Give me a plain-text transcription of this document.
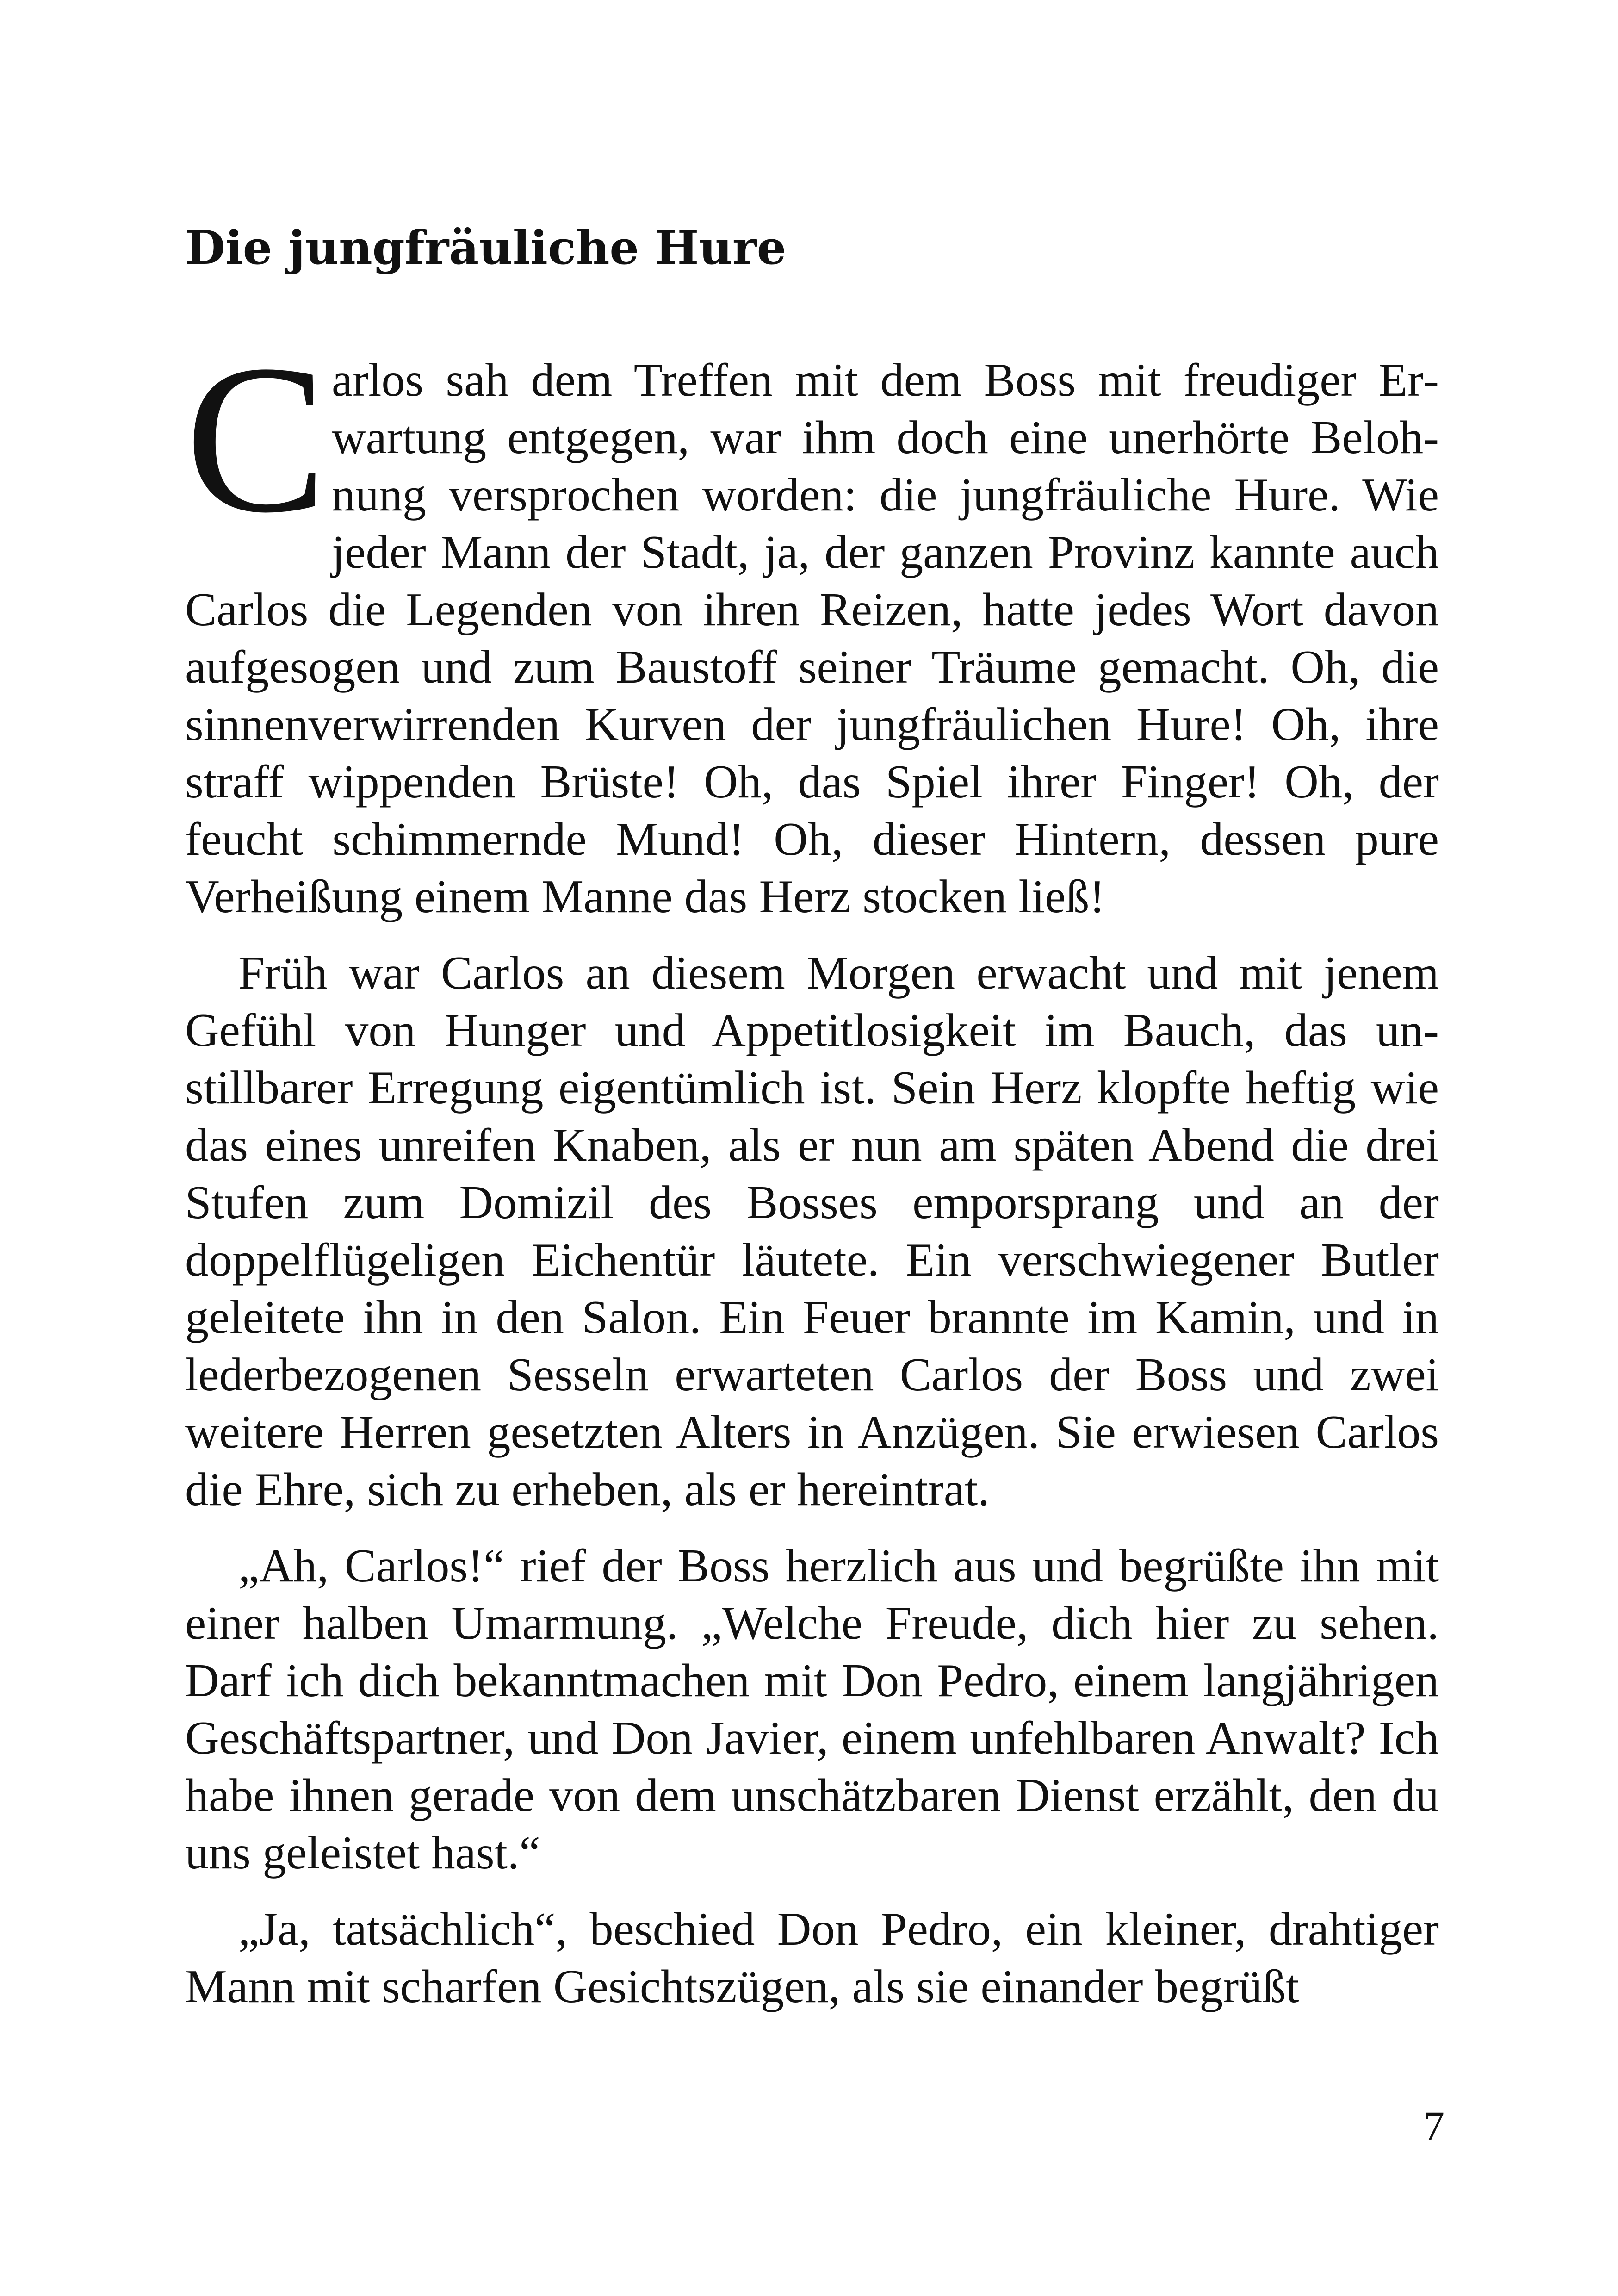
Die jungfräuliche Hure

Carlos sah dem Treffen mit dem Boss mit freudiger Erwartung entgegen, war ihm doch eine unerhörte Belohnung versprochen worden: die jungfräuliche Hure. Wie jeder Mann der Stadt, ja, der ganzen Provinz kannte auch Carlos die Legenden von ihren Reizen, hatte jedes Wort davon aufgesogen und zum Baustoff seiner Träume gemacht. Oh, die sinnenverwirrenden Kurven der jungfräulichen Hure! Oh, ihre straff wippenden Brüste! Oh, das Spiel ihrer Finger! Oh, der feucht schimmernde Mund! Oh, dieser Hintern, dessen pure Verheißung einem Manne das Herz stocken ließ!

Früh war Carlos an diesem Morgen erwacht und mit jenem Gefühl von Hunger und Appetitlosigkeit im Bauch, das unstillbarer Erregung eigentümlich ist. Sein Herz klopfte heftig wie das eines unreifen Knaben, als er nun am späten Abend die drei Stufen zum Domizil des Bosses emporsprang und an der doppelflügeligen Eichentür läutete. Ein verschwiegener Butler geleitete ihn in den Salon. Ein Feuer brannte im Kamin, und in lederbezogenen Sesseln erwarteten Carlos der Boss und zwei weitere Herren gesetzten Alters in Anzügen. Sie erwiesen Carlos die Ehre, sich zu erheben, als er hereintrat.

„Ah, Carlos!“ rief der Boss herzlich aus und begrüßte ihn mit einer halben Umarmung. „Welche Freude, dich hier zu sehen. Darf ich dich bekanntmachen mit Don Pedro, einem langjährigen Geschäftspartner, und Don Javier, einem unfehlbaren Anwalt? Ich habe ihnen gerade von dem unschätzbaren Dienst erzählt, den du uns geleistet hast.“

„Ja, tatsächlich“, beschied Don Pedro, ein kleiner, drahtiger Mann mit scharfen Gesichtszügen, als sie einander begrüßt

7
